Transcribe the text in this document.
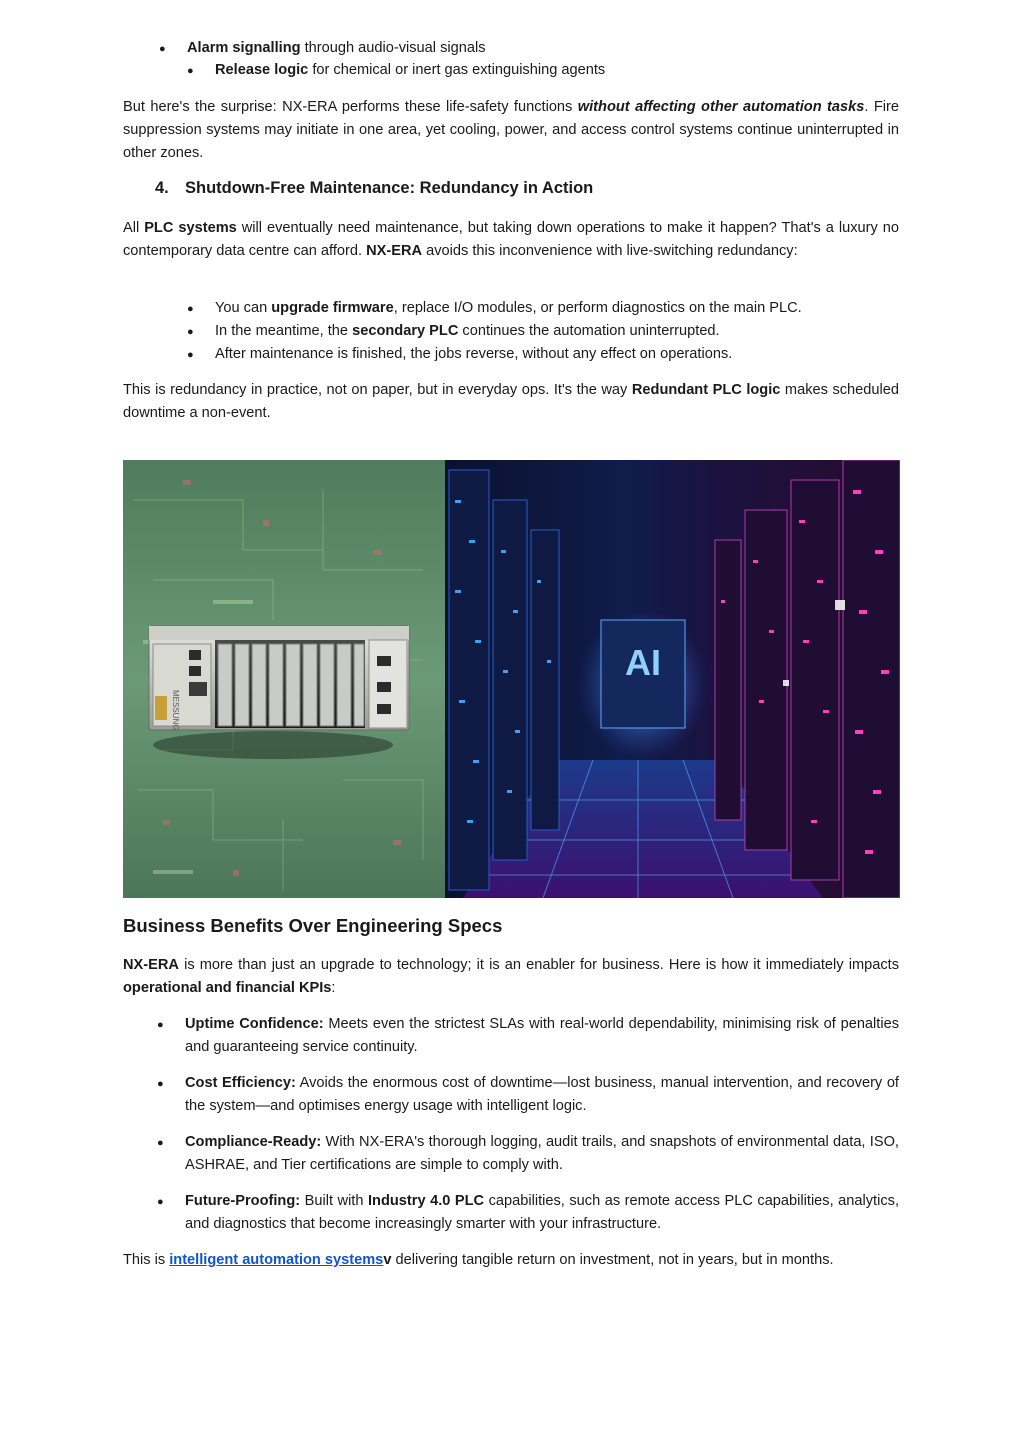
● Alarm signalling through audio-visual signals
● Release logic for chemical or inert gas extinguishing agents

But here's the surprise: NX-ERA performs these life-safety functions without affecting other automation tasks. Fire suppression systems may initiate in one area, yet cooling, power, and access control systems continue uninterrupted in other zones.

4. Shutdown-Free Maintenance: Redundancy in Action

All PLC systems will eventually need maintenance, but taking down operations to make it happen? That's a luxury no contemporary data centre can afford. NX-ERA avoids this inconvenience with live-switching redundancy:

● You can upgrade firmware, replace I/O modules, or perform diagnostics on the main PLC.
● In the meantime, the secondary PLC continues the automation uninterrupted.
● After maintenance is finished, the jobs reverse, without any effect on operations.

This is redundancy in practice, not on paper, but in everyday ops. It's the way Redundant PLC logic makes scheduled downtime a non-event.

MESSUNG
AI
Business Benefits Over Engineering Specs

NX-ERA is more than just an upgrade to technology; it is an enabler for business. Here is how it immediately impacts operational and financial KPIs:

● Uptime Confidence: Meets even the strictest SLAs with real-world dependability, minimising risk of penalties and guaranteeing service continuity.
● Cost Efficiency: Avoids the enormous cost of downtime—lost business, manual intervention, and recovery of the system—and optimises energy usage with intelligent logic.
● Compliance-Ready: With NX-ERA's thorough logging, audit trails, and snapshots of environmental data, ISO, ASHRAE, and Tier certifications are simple to comply with.
● Future-Proofing: Built with Industry 4.0 PLC capabilities, such as remote access PLC capabilities, analytics, and diagnostics that become increasingly smarter with your infrastructure.

This is intelligent automation systemsv delivering tangible return on investment, not in years, but in months.
